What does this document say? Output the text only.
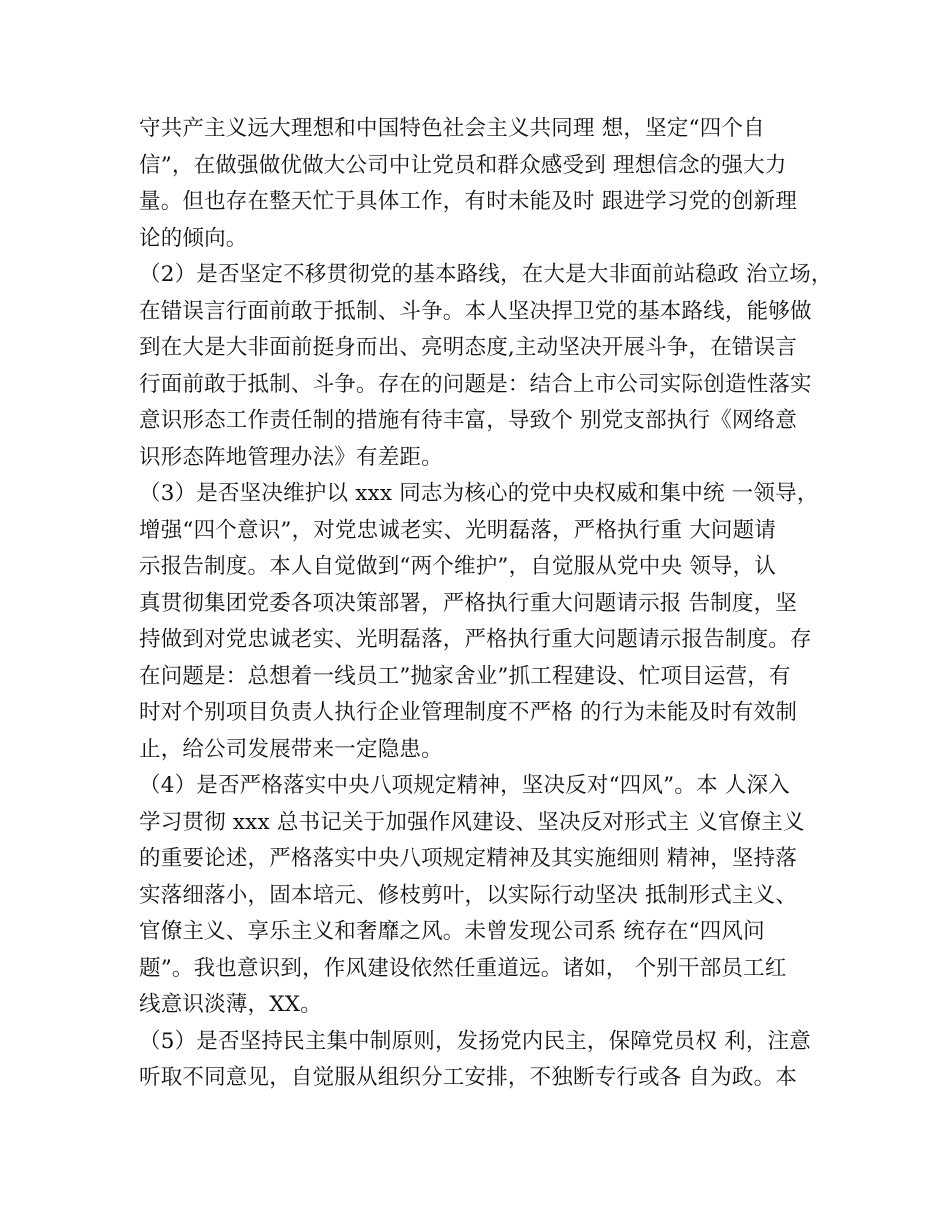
守共产主义远大理想和中国特色社会主义共同理 想，坚定“四个自
信”，在做强做优做大公司中让党员和群众感受到 理想信念的强大力
量。但也存在整天忙于具体工作，有时未能及时 跟进学习党的创新理
论的倾向。
（2）是否坚定不移贯彻党的基本路线，在大是大非面前站稳政 治立场，
在错误言行面前敢于抵制、斗争。本人坚决捍卫党的基本路线，能够做
到在大是大非面前挺身而出、亮明态度,主动坚决开展斗争，在错误言
行面前敢于抵制、斗争。存在的问题是：结合上市公司实际创造性落实
意识形态工作责任制的措施有待丰富，导致个 别党支部执行《网络意
识形态阵地管理办法》有差距。
（3）是否坚决维护以 xxx 同志为核心的党中央权威和集中统 一领导，
增强“四个意识”，对党忠诚老实、光明磊落，严格执行重 大问题请
示报告制度。本人自觉做到“两个维护”，自觉服从党中央 领导，认
真贯彻集团党委各项决策部署，严格执行重大问题请示报 告制度，坚
持做到对党忠诚老实、光明磊落，严格执行重大问题请示报告制度。存
在问题是：总想着一线员工”抛家舍业”抓工程建设、忙项目运营，有
时对个别项目负责人执行企业管理制度不严格 的行为未能及时有效制
止，给公司发展带来一定隐患。
（4）是否严格落实中央八项规定精神，坚决反对“四风”。本 人深入
学习贯彻 xxx 总书记关于加强作风建设、坚决反对形式主 义官僚主义
的重要论述，严格落实中央八项规定精神及其实施细则 精神，坚持落
实落细落小，固本培元、修枝剪叶，以实际行动坚决 抵制形式主义、
官僚主义、享乐主义和奢靡之风。未曾发现公司系 统存在“四风问
题”。我也意识到，作风建设依然任重道远。诸如， 个别干部员工红
线意识淡薄，XX。
（5）是否坚持民主集中制原则，发扬党内民主，保障党员权 利，注意
听取不同意见，自觉服从组织分工安排，不独断专行或各 自为政。本
